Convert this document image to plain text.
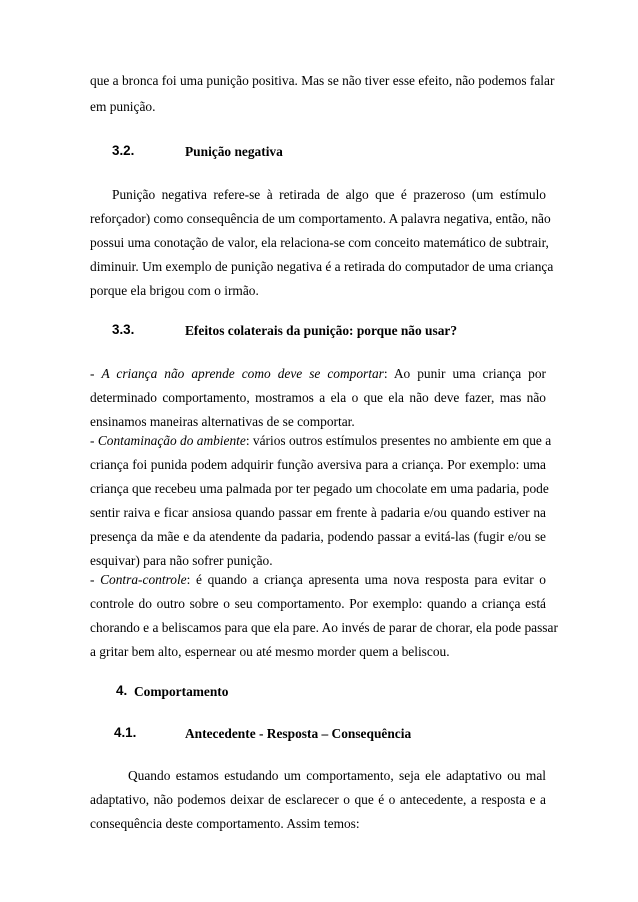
que a bronca foi uma punição positiva. Mas se não tiver esse efeito, não podemos falar
em punição.
3.2.	Punição negativa
Punição negativa refere-se à retirada de algo que é prazeroso (um estímulo
reforçador) como consequência de um comportamento. A palavra negativa, então, não
possui uma conotação de valor, ela relaciona-se com conceito matemático de subtrair,
diminuir. Um exemplo de punição negativa é a retirada do computador de uma criança
porque ela brigou com o irmão.
3.3.	Efeitos colaterais da punição: porque não usar?
- A criança não aprende como deve se comportar: Ao punir uma criança por
determinado comportamento, mostramos a ela o que ela não deve fazer, mas não
ensinamos maneiras alternativas de se comportar.
- Contaminação do ambiente: vários outros estímulos presentes no ambiente em que a
criança foi punida podem adquirir função aversiva para a criança. Por exemplo: uma
criança que recebeu uma palmada por ter pegado um chocolate em uma padaria, pode
sentir raiva e ficar ansiosa quando passar em frente à padaria e/ou quando estiver na
presença da mãe e da atendente da padaria, podendo passar a evitá-las (fugir e/ou se
esquivar) para não sofrer punição.
- Contra-controle: é quando a criança apresenta uma nova resposta para evitar o
controle do outro sobre o seu comportamento. Por exemplo: quando a criança está
chorando e a beliscamos para que ela pare. Ao invés de parar de chorar, ela pode passar
a gritar bem alto, espernear ou até mesmo morder quem a beliscou.
4. Comportamento
4.1.	Antecedente - Resposta – Consequência
Quando estamos estudando um comportamento, seja ele adaptativo ou mal
adaptativo, não podemos deixar de esclarecer o que é o antecedente, a resposta e a
consequência deste comportamento. Assim temos:
